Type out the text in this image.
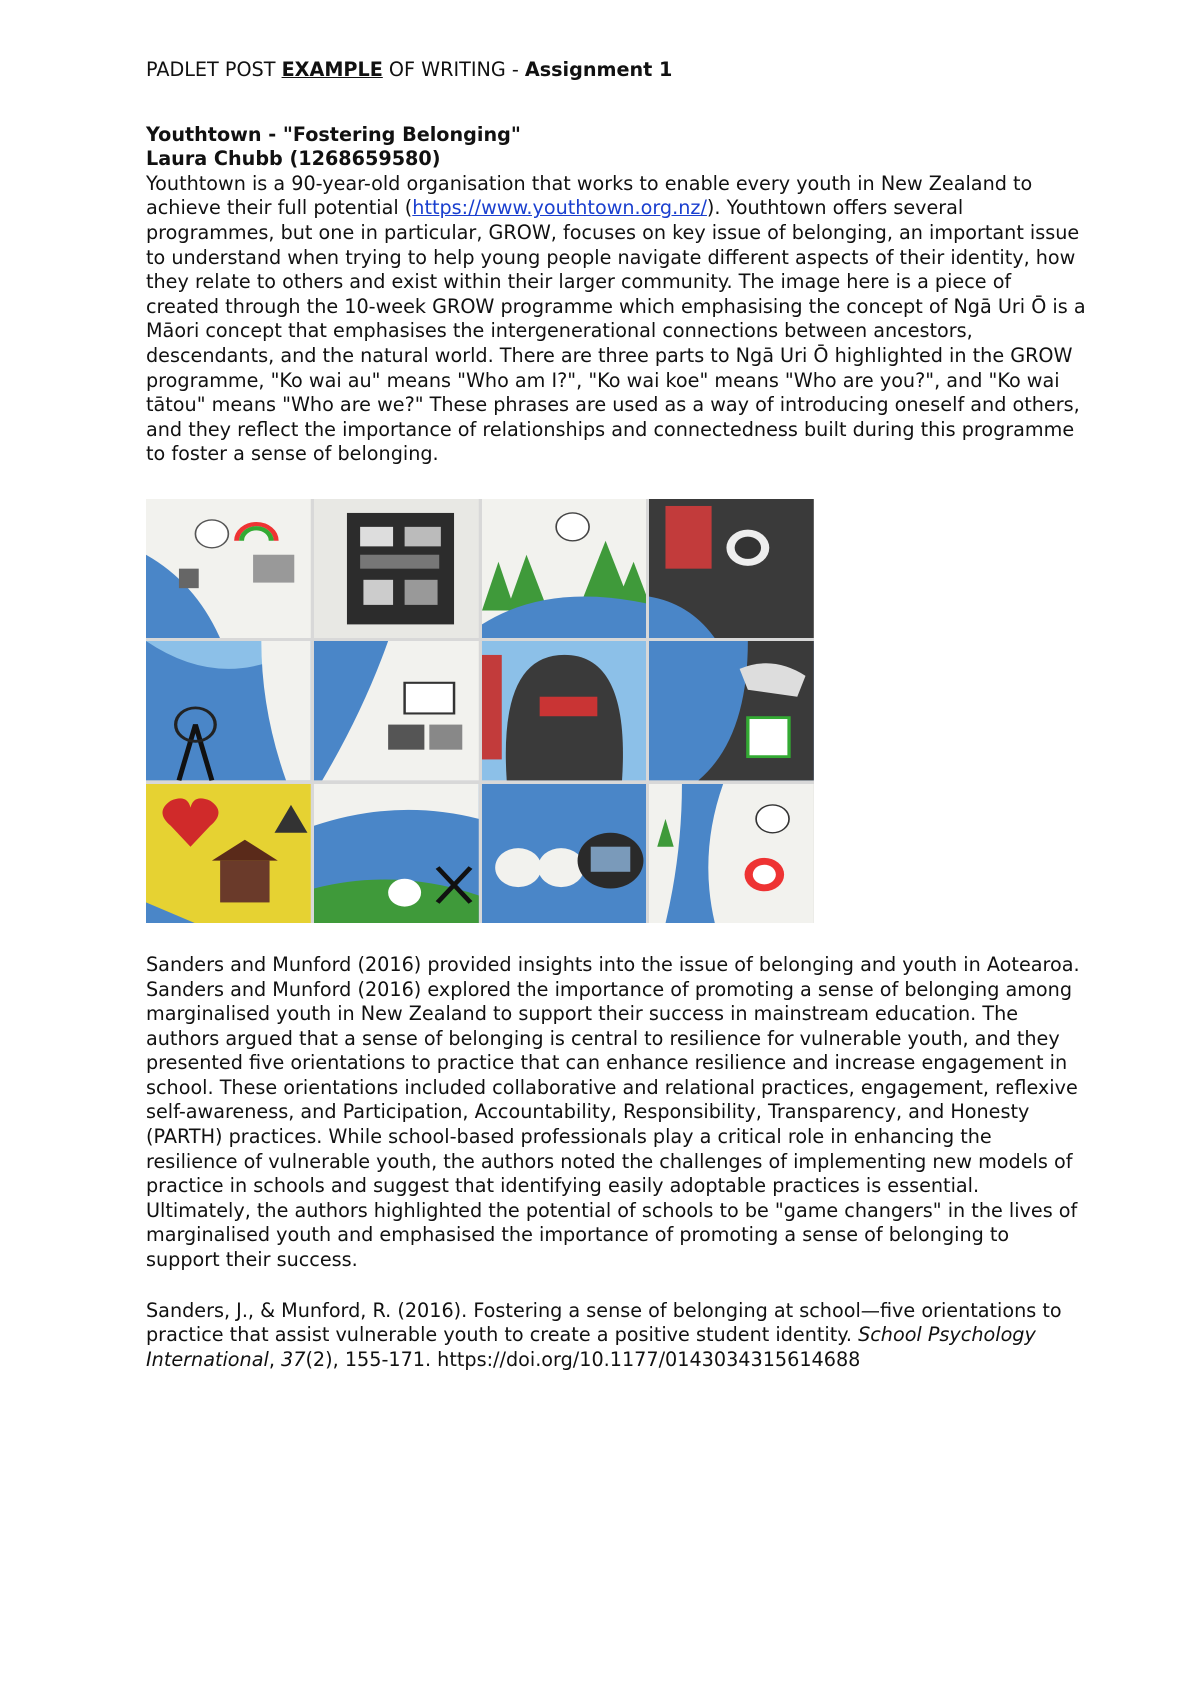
PADLET POST EXAMPLE OF WRITING - Assignment 1
Youthtown - "Fostering Belonging"
Laura Chubb (1268659580)

Youthtown is a 90-year-old organisation that works to enable every youth in New Zealand to achieve their full potential (https://www.youthtown.org.nz/). Youthtown offers several programmes, but one in particular, GROW, focuses on key issue of belonging, an important issue to understand when trying to help young people navigate different aspects of their identity, how they relate to others and exist within their larger community. The image here is a piece of created through the 10-week GROW programme which emphasising the concept of Ngā Uri Ō is a Māori concept that emphasises the intergenerational connections between ancestors, descendants, and the natural world. There are three parts to Ngā Uri Ō highlighted in the GROW programme, "Ko wai au" means "Who am I?", "Ko wai koe" means "Who are you?", and "Ko wai tātou" means "Who are we?" These phrases are used as a way of introducing oneself and others, and they reflect the importance of relationships and connectedness built during this programme to foster a sense of belonging.

Sanders and Munford (2016) provided insights into the issue of belonging and youth in Aotearoa. Sanders and Munford (2016) explored the importance of promoting a sense of belonging among marginalised youth in New Zealand to support their success in mainstream education. The authors argued that a sense of belonging is central to resilience for vulnerable youth, and they presented five orientations to practice that can enhance resilience and increase engagement in school. These orientations included collaborative and relational practices, engagement, reflexive self-awareness, and Participation, Accountability, Responsibility, Transparency, and Honesty (PARTH) practices. While school-based professionals play a critical role in enhancing the resilience of vulnerable youth, the authors noted the challenges of implementing new models of practice in schools and suggest that identifying easily adoptable practices is essential. Ultimately, the authors highlighted the potential of schools to be "game changers" in the lives of marginalised youth and emphasised the importance of promoting a sense of belonging to support their success.

Sanders, J., & Munford, R. (2016). Fostering a sense of belonging at school—five orientations to practice that assist vulnerable youth to create a positive student identity. School Psychology International, 37(2), 155-171. https://doi.org/10.1177/0143034315614688
